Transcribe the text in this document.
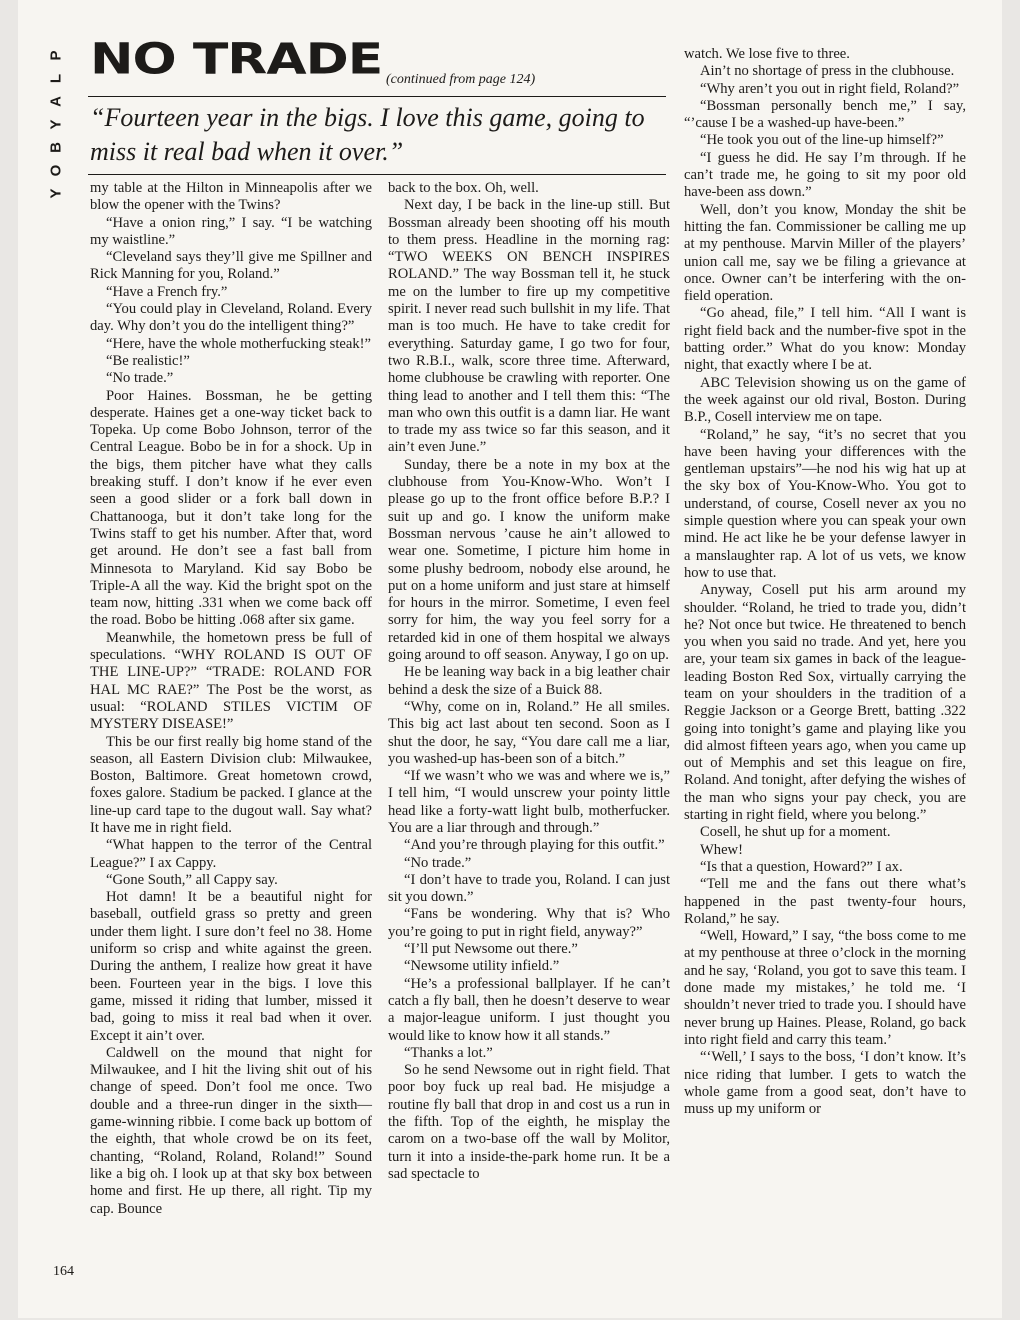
P
L
A
Y
B
O
Y
NO TRADE (continued from page 124)
“Fourteen year in the bigs. I love this game, going to miss it real bad when it over.”

my table at the Hilton in Minneapolis after we blow the opener with the Twins?

“Have a onion ring,” I say. “I be watching my waistline.”

“Cleveland says they’ll give me Spillner and Rick Manning for you, Roland.”

“Have a French fry.”

“You could play in Cleveland, Roland. Every day. Why don’t you do the intelligent thing?”

“Here, have the whole motherfucking steak!”

“Be realistic!”

“No trade.”

Poor Haines. Bossman, he be getting desperate. Haines get a one-way ticket back to Topeka. Up come Bobo Johnson, terror of the Central League. Bobo be in for a shock. Up in the bigs, them pitcher have what they calls breaking stuff. I don’t know if he ever even seen a good slider or a fork ball down in Chattanooga, but it don’t take long for the Twins staff to get his number. After that, word get around. He don’t see a fast ball from Minnesota to Maryland. Kid say Bobo be Triple-A all the way. Kid the bright spot on the team now, hitting .331 when we come back off the road. Bobo be hitting .068 after six game.

Meanwhile, the hometown press be full of speculations. “WHY ROLAND IS OUT OF THE LINE-UP?” “TRADE: ROLAND FOR HAL MC RAE?” The Post be the worst, as usual: “ROLAND STILES VICTIM OF MYSTERY DISEASE!”

This be our first really big home stand of the season, all Eastern Division club: Milwaukee, Boston, Baltimore. Great hometown crowd, foxes galore. Stadium be packed. I glance at the line-up card tape to the dugout wall. Say what? It have me in right field.

“What happen to the terror of the Central League?” I ax Cappy.

“Gone South,” all Cappy say.

Hot damn! It be a beautiful night for baseball, outfield grass so pretty and green under them light. I sure don’t feel no 38. Home uniform so crisp and white against the green. During the anthem, I realize how great it have been. Fourteen year in the bigs. I love this game, missed it riding that lumber, missed it bad, going to miss it real bad when it over. Except it ain’t over.

Caldwell on the mound that night for Milwaukee, and I hit the living shit out of his change of speed. Don’t fool me once. Two double and a three-run dinger in the sixth—game-winning ribbie. I come back up bottom of the eighth, that whole crowd be on its feet, chanting, “Roland, Roland, Roland!” Sound like a big oh. I look up at that sky box between home and first. He up there, all right. Tip my cap. Bounce

back to the box. Oh, well.

Next day, I be back in the line-up still. But Bossman already been shooting off his mouth to them press. Headline in the morning rag: “TWO WEEKS ON BENCH INSPIRES ROLAND.” The way Bossman tell it, he stuck me on the lumber to fire up my competitive spirit. I never read such bullshit in my life. That man is too much. He have to take credit for everything. Saturday game, I go two for four, two R.B.I., walk, score three time. Afterward, home clubhouse be crawling with reporter. One thing lead to another and I tell them this: “The man who own this outfit is a damn liar. He want to trade my ass twice so far this season, and it ain’t even June.”

Sunday, there be a note in my box at the clubhouse from You-Know-Who. Won’t I please go up to the front office before B.P.? I suit up and go. I know the uniform make Bossman nervous ’cause he ain’t allowed to wear one. Sometime, I picture him home in some plushy bedroom, nobody else around, he put on a home uniform and just stare at himself for hours in the mirror. Sometime, I even feel sorry for him, the way you feel sorry for a retarded kid in one of them hospital we always going around to off season. Anyway, I go on up.

He be leaning way back in a big leather chair behind a desk the size of a Buick 88.

“Why, come on in, Roland.” He all smiles. This big act last about ten second. Soon as I shut the door, he say, “You dare call me a liar, you washed-up has-been son of a bitch.”

“If we wasn’t who we was and where we is,” I tell him, “I would unscrew your pointy little head like a forty-watt light bulb, motherfucker. You are a liar through and through.”

“And you’re through playing for this outfit.”

“No trade.”

“I don’t have to trade you, Roland. I can just sit you down.”

“Fans be wondering. Why that is? Who you’re going to put in right field, anyway?”

“I’ll put Newsome out there.”

“Newsome utility infield.”

“He’s a professional ballplayer. If he can’t catch a fly ball, then he doesn’t deserve to wear a major-league uniform. I just thought you would like to know how it all stands.”

“Thanks a lot.”

So he send Newsome out in right field. That poor boy fuck up real bad. He misjudge a routine fly ball that drop in and cost us a run in the fifth. Top of the eighth, he misplay the carom on a two-base off the wall by Molitor, turn it into a inside-the-park home run. It be a sad spectacle to

watch. We lose five to three.

Ain’t no shortage of press in the clubhouse.

“Why aren’t you out in right field, Roland?”

“Bossman personally bench me,” I say, “’cause I be a washed-up have-been.”

“He took you out of the line-up himself?”

“I guess he did. He say I’m through. If he can’t trade me, he going to sit my poor old have-been ass down.”

Well, don’t you know, Monday the shit be hitting the fan. Commissioner be calling me up at my penthouse. Marvin Miller of the players’ union call me, say we be filing a grievance at once. Owner can’t be interfering with the on-field operation.

“Go ahead, file,” I tell him. “All I want is right field back and the number-five spot in the batting order.” What do you know: Monday night, that exactly where I be at.

ABC Television showing us on the game of the week against our old rival, Boston. During B.P., Cosell interview me on tape.

“Roland,” he say, “it’s no secret that you have been having your differences with the gentleman upstairs”—he nod his wig hat up at the sky box of You-Know-Who. You got to understand, of course, Cosell never ax you no simple question where you can speak your own mind. He act like he be your defense lawyer in a manslaughter rap. A lot of us vets, we know how to use that.

Anyway, Cosell put his arm around my shoulder. “Roland, he tried to trade you, didn’t he? Not once but twice. He threatened to bench you when you said no trade. And yet, here you are, your team six games in back of the league-leading Boston Red Sox, virtually carrying the team on your shoulders in the tradition of a Reggie Jackson or a George Brett, batting .322 going into tonight’s game and playing like you did almost fifteen years ago, when you came up out of Memphis and set this league on fire, Roland. And tonight, after defying the wishes of the man who signs your pay check, you are starting in right field, where you belong.”

Cosell, he shut up for a moment.

Whew!

“Is that a question, Howard?” I ax.

“Tell me and the fans out there what’s happened in the past twenty-four hours, Roland,” he say.

“Well, Howard,” I say, “the boss come to me at my penthouse at three o’clock in the morning and he say, ‘Roland, you got to save this team. I done made my mistakes,’ he told me. ‘I shouldn’t never tried to trade you. I should have never brung up Haines. Please, Roland, go back into right field and carry this team.’

“‘Well,’ I says to the boss, ‘I don’t know. It’s nice riding that lumber. I gets to watch the whole game from a good seat, don’t have to muss up my uniform or

164
